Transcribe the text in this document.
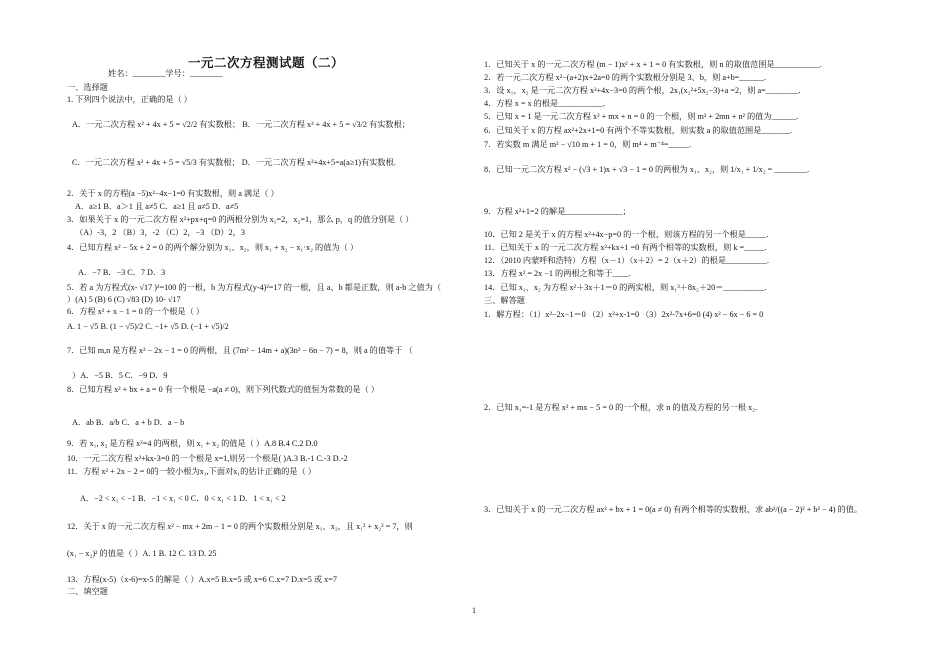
一元二次方程测试题（二）
姓名：________学号：________
一、选择题
1. 下列四个说法中，正确的是（ ）
A．一元二次方程 x² + 4x + 5 = √2/2 有实数根； B．一元二次方程 x² + 4x + 5 = √3/2 有实数根；
C．一元二次方程 x² + 4x + 5 = √5/3 有实数根； D．一元二次方程 x²+4x+5=a(a≥1)有实数根.
2．关于 x 的方程(a −5)x²−4x−1=0 有实数根，则 a 满足（ ）
A．a≥1 B．a＞1 且 a≠5 C．a≥1 且 a≠5 D．a≠5
3．如果关于 x 的一元二次方程 x²+px+q=0 的两根分别为 x₁=2，x₂=1，那么 p，q 的值分别是（ ）
（A）-3，2 （B）3，-2 （C）2，−3 （D）2，3
4．已知方程 x² − 5x + 2 = 0 的两个解分别为 x₁、x₂，则 x₁ + x₂ − x₁·x₂ 的值为（ ）
A．−7 B．−3 C．7 D．3
5．若 a 为方程式(x- √17 )²=100 的一根，b 为方程式(y-4)²=17 的一根，且 a、b 都是正数，则 a-b 之值为（
）(A) 5 (B) 6 (C) √83 (D) 10- √17
6．方程 x² + x − 1 = 0 的一个根是（ ）
A. 1 − √5 B. (1 − √5)/2 C. −1+ √5 D. (−1 + √5)/2
7．已知 m,n 是方程 x² − 2x − 1 = 0 的两根，且 (7m² − 14m + a)(3n² − 6n − 7) = 8，则 a 的值等于 （
）A．−5 B．5 C．−9 D．9
8．已知方程 x² + bx + a = 0 有一个根是 −a(a ≠ 0)，则下列代数式的值恒为常数的是（ ）
A．ab B．a/b C．a + b D．a − b
9．若 x₁, x₂ 是方程 x²=4 的两根，则 x₁ + x₂ 的值是（ ）A.8 B.4 C.2 D.0
10．一元二次方程 x²+kx-3=0 的一个根是 x=1,则另一个根是( )A.3 B.-1 C.-3 D.-2
11．方程 x² + 2x − 2 = 0的一较小根为x₁,下面对x₁的估计正确的是（ ）
A．−2 < x₁ < −1 B．−1 < x₁ < 0 C．0 < x₁ < 1 D．1 < x₁ < 2
12．关于 x 的一元二次方程 x² − mx + 2m − 1 = 0 的两个实数根分别是 x₁、x₂，且 x₁² + x₂² = 7，则
(x₁ − x₂)² 的值是（ ）A. 1 B. 12 C. 13 D. 25
13．方程(x-5)（x-6)=x-5 的解是（ ）A.x=5 B.x=5 或 x=6 C.x=7 D.x=5 或 x=7
二、填空题
1．已知关于 x 的一元二次方程 (m − 1)x² + x + 1 = 0 有实数根，则 n 的取值范围是___________.
2．若一元二次方程 x²−(a+2)x+2a=0 的两个实数根分别是 3、b，则 a+b=______.
3．设 x₁，x₂ 是一元二次方程 x²+4x−3=0 的两个根，2x₁(x₂²+5x₂−3)+a =2，则 a=________.
4．方程 x = x 的根是___________.
5．已知 x = 1 是一元二次方程 x² + mx + n = 0 的一个根，则 m² + 2mn + n² 的值为______.
6．已知关于 x 的方程 ax²+2x+1=0 有两个不等实数根，则实数 a 的取值范围是_______.
7．若实数 m 满足 m² − √10 m + 1 = 0，则 m⁴ + m⁻⁴=_____.
8．已知一元二次方程 x² − (√3 + 1)x + √3 − 1 = 0 的两根为 x₁、x₂，则 1/x₁ + 1/x₂ = ________.
9．方程 x²+1=2 的解是______________；
10．已知 2 是关于 x 的方程 x²+4x−p=0 的一个根，则该方程的另一个根是_____.
11．已知关于 x 的一元二次方程 x²+kx+1 =0 有两个相等的实数根，则 k =_____.
12．（2010 内蒙呼和浩特）方程（x－1）（x＋2）= 2（x＋2）的根是__________.
13．方程 x² = 2x −1 的两根之和等于____.
14．已知 x₁、x₂ 为方程 x²＋3x＋1＝0 的两实根，则 x₁³＋8x₂＋20＝__________.
三、解答题
1．解方程：（1）x²−2x−1＝0 （2）x²+x-1=0 （3）2x²-7x+6=0 (4) x² − 6x − 6 = 0
2．已知 x₁=-1 是方程 x² + mx − 5 = 0 的一个根，求 n 的值及方程的另一根 x₂.
3．已知关于 x 的一元二次方程 ax² + bx + 1 = 0(a ≠ 0) 有两个相等的实数根，求 ab²/((a − 2)² + b² − 4) 的值。
1
